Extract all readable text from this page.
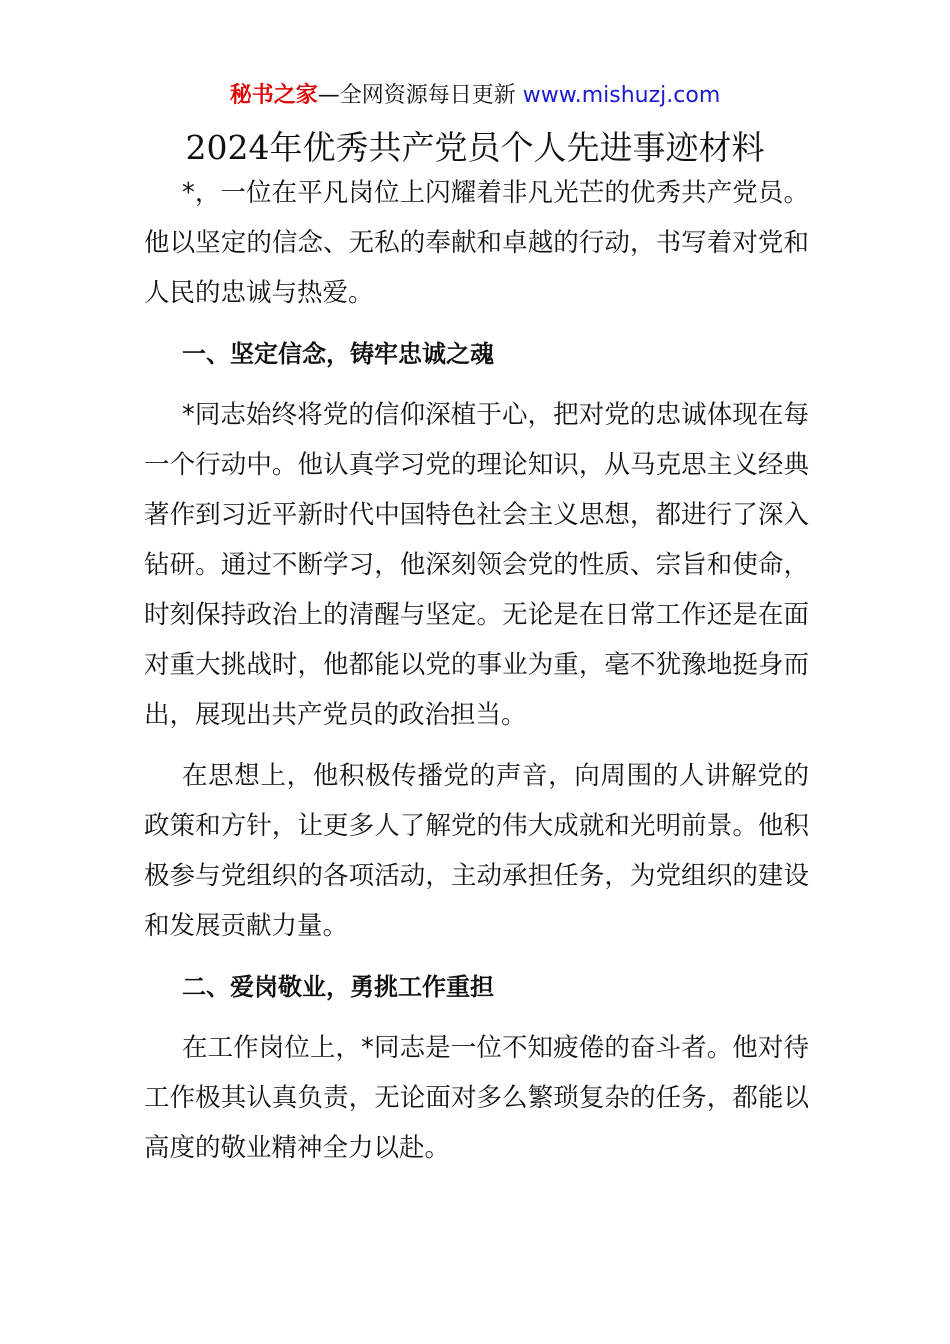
秘书之家—全网资源每日更新 www.mishuzj.com
2024年优秀共产党员个人先进事迹材料

*，一位在平凡岗位上闪耀着非凡光芒的优秀共产党员。他以坚定的信念、无私的奉献和卓越的行动，书写着对党和人民的忠诚与热爱。

一、坚定信念，铸牢忠诚之魂

*同志始终将党的信仰深植于心，把对党的忠诚体现在每一个行动中。他认真学习党的理论知识，从马克思主义经典著作到习近平新时代中国特色社会主义思想，都进行了深入钻研。通过不断学习，他深刻领会党的性质、宗旨和使命，时刻保持政治上的清醒与坚定。无论是在日常工作还是在面对重大挑战时，他都能以党的事业为重，毫不犹豫地挺身而出，展现出共产党员的政治担当。

在思想上，他积极传播党的声音，向周围的人讲解党的政策和方针，让更多人了解党的伟大成就和光明前景。他积极参与党组织的各项活动，主动承担任务，为党组织的建设和发展贡献力量。

二、爱岗敬业，勇挑工作重担

在工作岗位上，*同志是一位不知疲倦的奋斗者。他对待工作极其认真负责，无论面对多么繁琐复杂的任务，都能以高度的敬业精神全力以赴。
